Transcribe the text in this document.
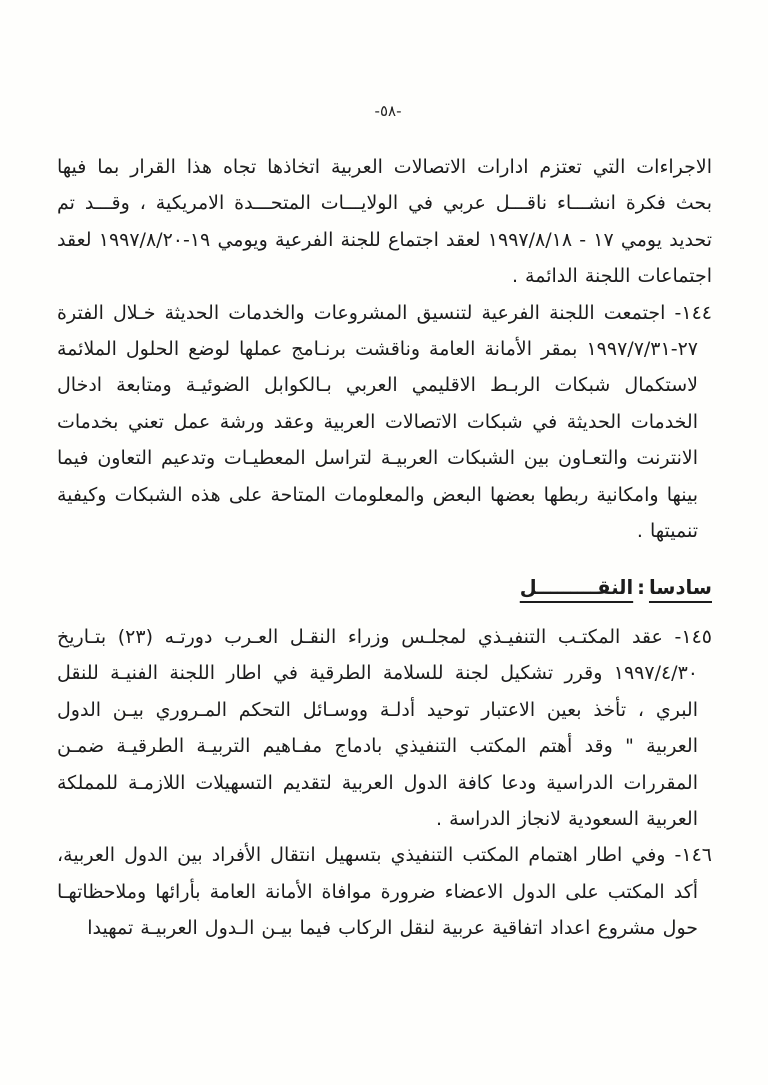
-٥٨-

الاجراءات التي تعتزم ادارات الاتصالات العربية اتخاذها تجاه هذا القرار بما فيها بحث فكرة انشـــاء ناقـــل عربي في الولايـــات المتحـــدة الامريكية ، وقـــد تم تحديد يومي ١٧ - ١٩٩٧/٨/١٨ لعقد اجتماع للجنة الفرعية ويومي ١٩-١٩٩٧/٨/٢٠ لعقد اجتماعات اللجنة الدائمة .

١٤٤- اجتمعت اللجنة الفرعية لتنسيق المشروعات والخدمات الحديثة خـلال الفترة ٢٧-١٩٩٧/٧/٣١ بمقر الأمانة العامة وناقشت برنـامج عملها لوضع الحلول الملائمة لاستكمال شبكات الربـط الاقليمي العربي بـالكوابل الضوئيـة ومتابعة ادخال الخدمات الحديثة في شبكات الاتصالات العربية وعقد ورشة عمل تعني بخدمات الانترنت والتعـاون بين الشبكات العربيـة لتراسل المعطيـات وتدعيم التعاون فيما بينها وامكانية ربطها بعضها البعض والمعلومات المتاحة على هذه الشبكات وكيفية تنميتها .
سادسا:النقـــــــــل
١٤٥- عقد المكتـب التنفيـذي لمجلـس وزراء النقـل العـرب دورتـه (٢٣) بتـاريخ ١٩٩٧/٤/٣٠ وقرر تشكيل لجنة للسلامة الطرقية في اطار اللجنة الفنيـة للنقل البري ، تأخذ بعين الاعتبار توحيد أدلـة ووسـائل التحكم المـروري بيـن الدول العربية " وقد أهتم المكتب التنفيذي بادماج مفـاهيم التربيـة الطرقيـة ضمـن المقررات الدراسية ودعا كافة الدول العربية لتقديم التسهيلات اللازمـة للمملكة العربية السعودية لانجاز الدراسة .
١٤٦- وفي اطار اهتمام المكتب التنفيذي بتسهيل انتقال الأفراد بين الدول العربية، أكد المكتب على الدول الاعضاء ضرورة موافاة الأمانة العامة بأرائها وملاحظاتهـا حول مشروع اعداد اتفاقية عربية لنقل الركاب فيما بيـن الـدول العربيـة تمهيدا
